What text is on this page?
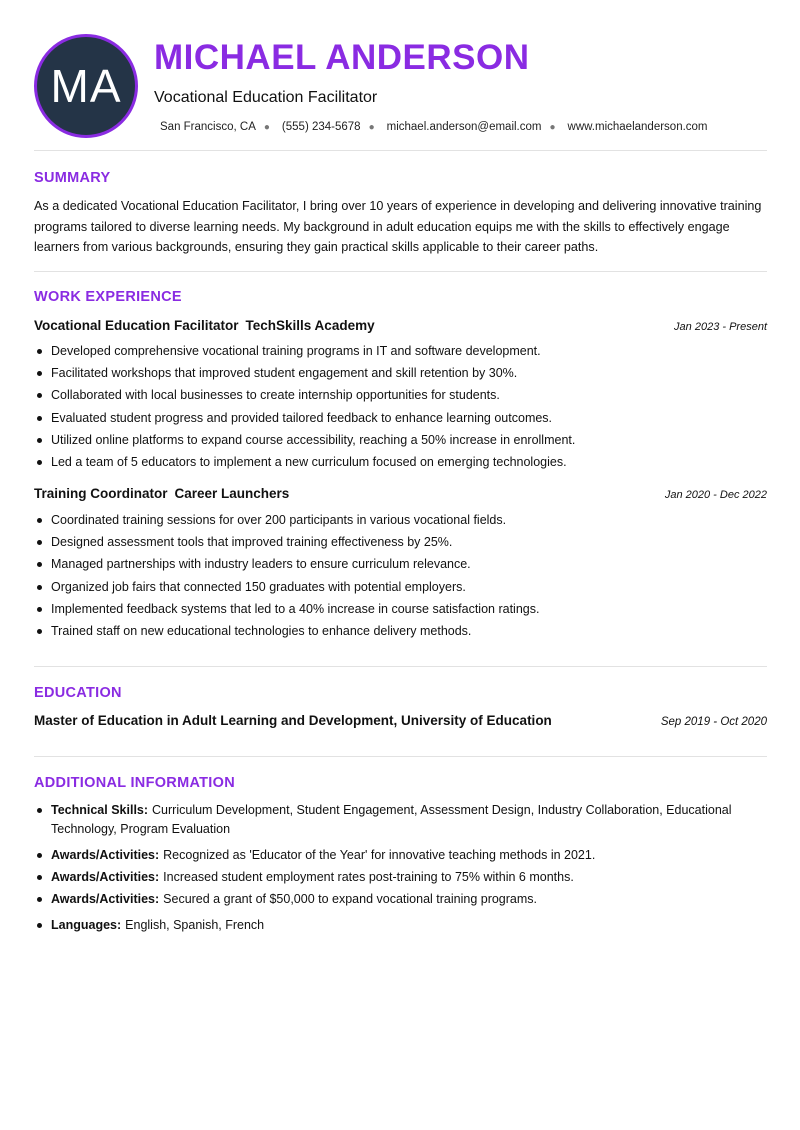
MA
MICHAEL ANDERSON
Vocational Education Facilitator
San Francisco, CA ● (555) 234-5678 ● michael.anderson@email.com ● www.michaelanderson.com
SUMMARY

As a dedicated Vocational Education Facilitator, I bring over 10 years of experience in developing and delivering innovative training programs tailored to diverse learning needs. My background in adult education equips me with the skills to effectively engage learners from various backgrounds, ensuring they gain practical skills applicable to their career paths.

WORK EXPERIENCE
Vocational Education Facilitator TechSkills Academy	Jan 2023 - Present
Developed comprehensive vocational training programs in IT and software development.
Facilitated workshops that improved student engagement and skill retention by 30%.
Collaborated with local businesses to create internship opportunities for students.
Evaluated student progress and provided tailored feedback to enhance learning outcomes.
Utilized online platforms to expand course accessibility, reaching a 50% increase in enrollment.
Led a team of 5 educators to implement a new curriculum focused on emerging technologies.
Training Coordinator Career Launchers	Jan 2020 - Dec 2022
Coordinated training sessions for over 200 participants in various vocational fields.
Designed assessment tools that improved training effectiveness by 25%.
Managed partnerships with industry leaders to ensure curriculum relevance.
Organized job fairs that connected 150 graduates with potential employers.
Implemented feedback systems that led to a 40% increase in course satisfaction ratings.
Trained staff on new educational technologies to enhance delivery methods.
EDUCATION
Master of Education in Adult Learning and Development, University of Education	Sep 2019 - Oct 2020
ADDITIONAL INFORMATION
Technical Skills: Curriculum Development, Student Engagement, Assessment Design, Industry Collaboration, Educational Technology, Program Evaluation
Awards/Activities: Recognized as 'Educator of the Year' for innovative teaching methods in 2021.
Awards/Activities: Increased student employment rates post-training to 75% within 6 months.
Awards/Activities: Secured a grant of $50,000 to expand vocational training programs.
Languages: English, Spanish, French
